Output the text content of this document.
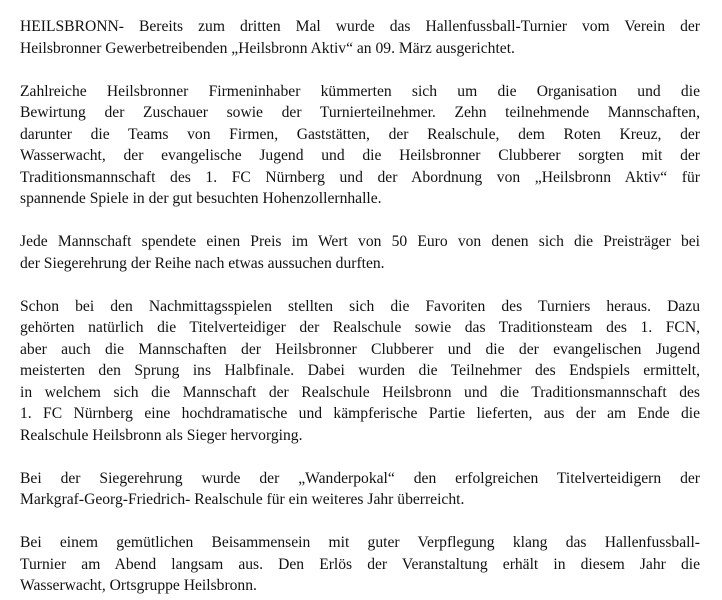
HEILSBRONN- Bereits zum dritten Mal wurde das Hallenfussball-Turnier vom Verein der
Heilsbronner Gewerbetreibenden „Heilsbronn Aktiv“ an 09. März ausgerichtet.

Zahlreiche Heilsbronner Firmeninhaber kümmerten sich um die Organisation und die
Bewirtung der Zuschauer sowie der Turnierteilnehmer. Zehn teilnehmende Mannschaften,
darunter die Teams von Firmen, Gaststätten, der Realschule, dem Roten Kreuz, der
Wasserwacht, der evangelische Jugend und die Heilsbronner Clubberer sorgten mit der
Traditionsmannschaft des 1. FC Nürnberg und der Abordnung von „Heilsbronn Aktiv“ für
spannende Spiele in der gut besuchten Hohenzollernhalle.

Jede Mannschaft spendete einen Preis im Wert von 50 Euro von denen sich die Preisträger bei
der Siegerehrung der Reihe nach etwas aussuchen durften.

Schon bei den Nachmittagsspielen stellten sich die Favoriten des Turniers heraus. Dazu
gehörten natürlich die Titelverteidiger der Realschule sowie das Traditionsteam des 1. FCN,
aber auch die Mannschaften der Heilsbronner Clubberer und die der evangelischen Jugend
meisterten den Sprung ins Halbfinale. Dabei wurden die Teilnehmer des Endspiels ermittelt,
in welchem sich die Mannschaft der Realschule Heilsbronn und die Traditionsmannschaft des
1. FC Nürnberg eine hochdramatische und kämpferische Partie lieferten, aus der am Ende die
Realschule Heilsbronn als Sieger hervorging.

Bei der Siegerehrung wurde der „Wanderpokal“ den erfolgreichen Titelverteidigern der
Markgraf-Georg-Friedrich- Realschule für ein weiteres Jahr überreicht.

Bei einem gemütlichen Beisammensein mit guter Verpflegung klang das Hallenfussball-
Turnier am Abend langsam aus. Den Erlös der Veranstaltung erhält in diesem Jahr die
Wasserwacht, Ortsgruppe Heilsbronn.
